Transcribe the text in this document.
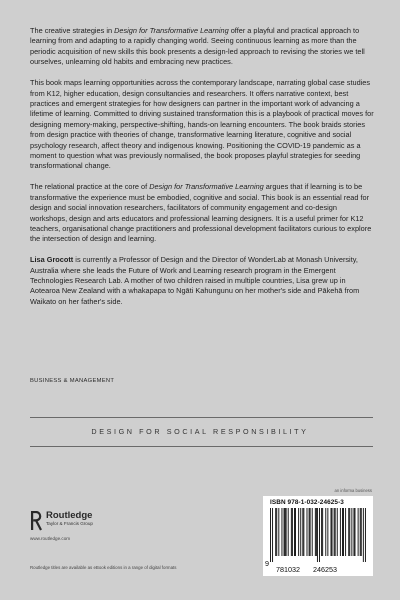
The creative strategies in Design for Transformative Learning offer a playful and practical approach to learning from and adapting to a rapidly changing world. Seeing continuous learning as more than the periodic acquisition of new skills this book presents a design-led approach to revising the stories we tell ourselves, unlearning old habits and embracing new practices.

This book maps learning opportunities across the contemporary landscape, narrating global case studies from K12, higher education, design consultancies and researchers. It offers narrative context, best practices and emergent strategies for how designers can partner in the important work of advancing a lifetime of learning. Committed to driving sustained transformation this is a playbook of practical moves for designing memory-making, perspective-shifting, hands-on learning encounters. The book braids stories from design practice with theories of change, transformative learning literature, cognitive and social psychology research, affect theory and indigenous knowing. Positioning the COVID-19 pandemic as a moment to question what was previously normalised, the book proposes playful strategies for seeding transformational change.

The relational practice at the core of Design for Transformative Learning argues that if learning is to be transformative the experience must be embodied, cognitive and social. This book is an essential read for design and social innovation researchers, facilitators of community engagement and co-design workshops, design and arts educators and professional learning designers. It is a useful primer for K12 teachers, organisational change practitioners and professional development facilitators curious to explore the intersection of design and learning.

Lisa Grocott is currently a Professor of Design and the Director of WonderLab at Monash University, Australia where she leads the Future of Work and Learning research program in the Emergent Technologies Research Lab. A mother of two children raised in multiple countries, Lisa grew up in Aotearoa New Zealand with a whakapapa to Ngāti Kahungunu on her mother's side and Pākehā from Waikato on her father's side.

BUSINESS & MANAGEMENT
DESIGN FOR SOCIAL RESPONSIBILITY
Routledge
Taylor & Francis Group
www.routledge.com
an informa business
ISBN 978-1-032-24625-3
9
781032 246253
Routledge titles are available as eBook editions in a range of digital formats
